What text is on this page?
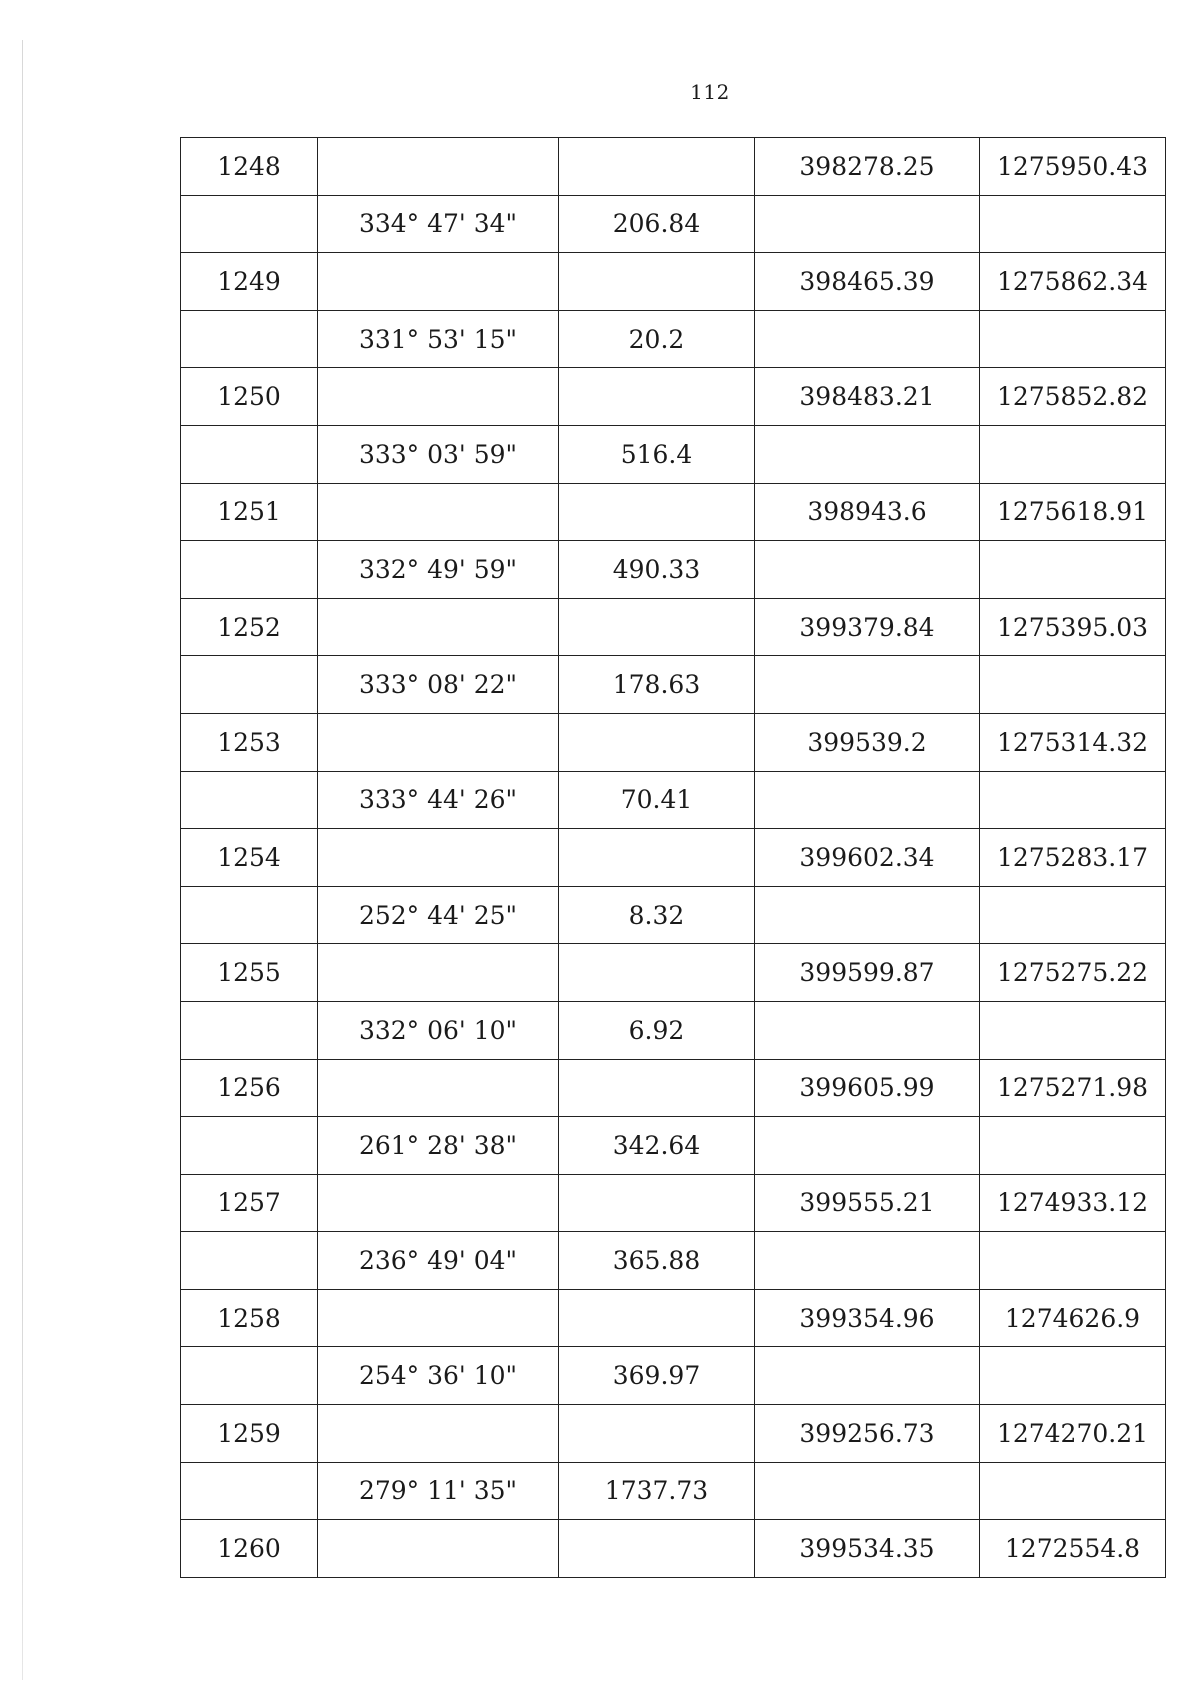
112
1248			398278.25	1275950.43
	334° 47' 34"	206.84		
1249			398465.39	1275862.34
	331° 53' 15"	20.2		
1250			398483.21	1275852.82
	333° 03' 59"	516.4		
1251			398943.6	1275618.91
	332° 49' 59"	490.33		
1252			399379.84	1275395.03
	333° 08' 22"	178.63		
1253			399539.2	1275314.32
	333° 44' 26"	70.41		
1254			399602.34	1275283.17
	252° 44' 25"	8.32		
1255			399599.87	1275275.22
	332° 06' 10"	6.92		
1256			399605.99	1275271.98
	261° 28' 38"	342.64		
1257			399555.21	1274933.12
	236° 49' 04"	365.88		
1258			399354.96	1274626.9
	254° 36' 10"	369.97		
1259			399256.73	1274270.21
	279° 11' 35"	1737.73		
1260			399534.35	1272554.8
